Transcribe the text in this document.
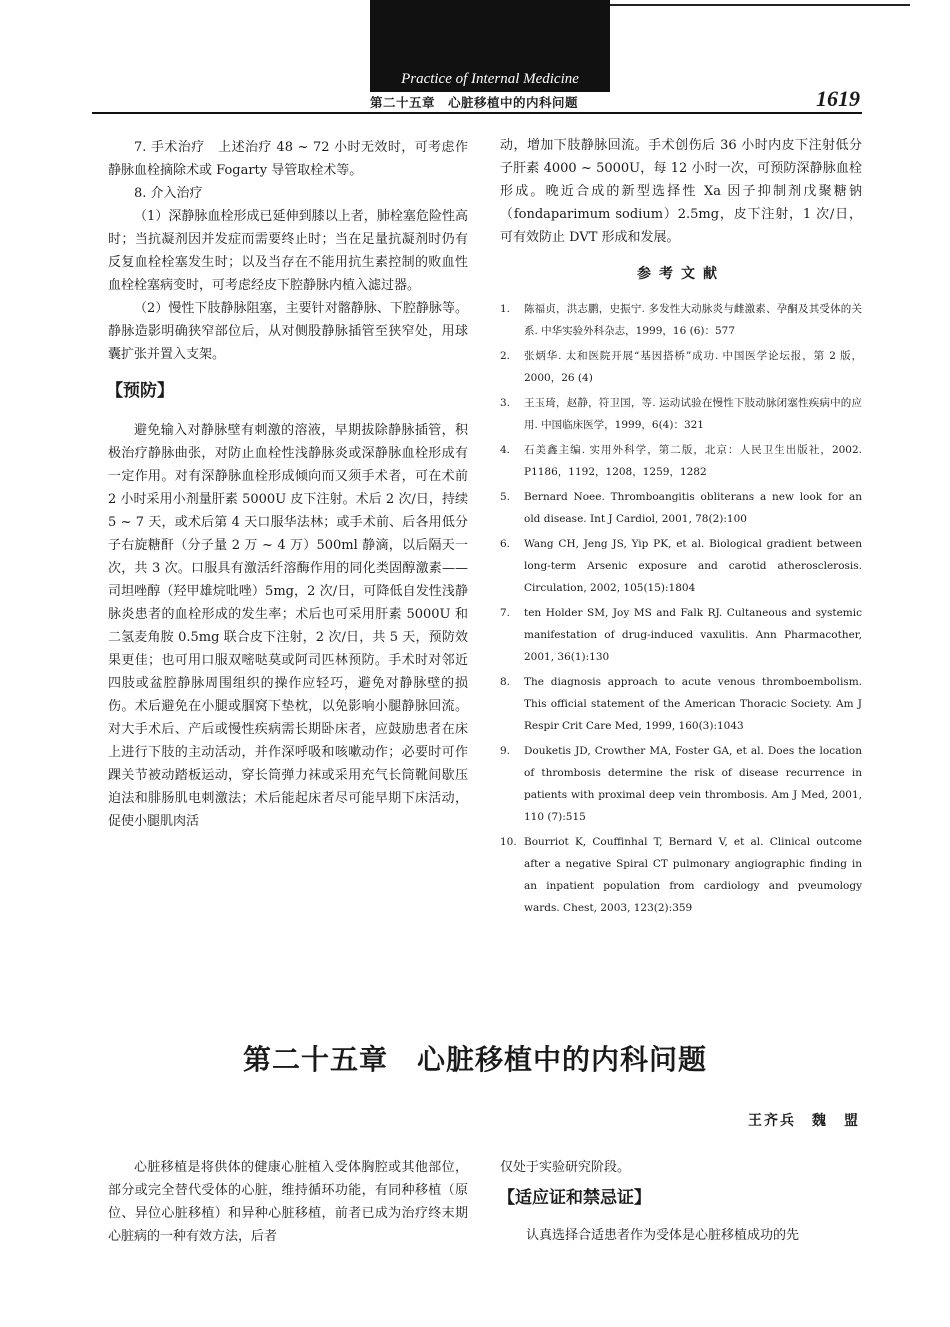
Practice of Internal Medicine
第二十五章　心脏移植中的内科问题	1619

7. 手术治疗　上述治疗 48 ~ 72 小时无效时，可考虑作静脉血栓摘除术或 Fogarty 导管取栓术等。

8. 介入治疗

（1）深静脉血栓形成已延伸到膝以上者，肺栓塞危险性高时；当抗凝剂因并发症而需要终止时；当在足量抗凝剂时仍有反复血栓栓塞发生时；以及当存在不能用抗生素控制的败血性血栓栓塞病变时，可考虑经皮下腔静脉内植入滤过器。

（2）慢性下肢静脉阻塞，主要针对髂静脉、下腔静脉等。静脉造影明确狭窄部位后，从对侧股静脉插管至狭窄处，用球囊扩张并置入支架。

【预防】

避免输入对静脉壁有刺激的溶液，早期拔除静脉插管，积极治疗静脉曲张，对防止血栓性浅静脉炎或深静脉血栓形成有一定作用。对有深静脉血栓形成倾向而又须手术者，可在术前 2 小时采用小剂量肝素 5000U 皮下注射。术后 2 次/日，持续 5 ~ 7 天，或术后第 4 天口服华法林；或手术前、后各用低分子右旋糖酐（分子量 2 万 ~ 4 万）500ml 静滴，以后隔天一次，共 3 次。口服具有激活纤溶酶作用的同化类固醇激素——司坦唑醇（羟甲雄烷吡唑）5mg，2 次/日，可降低自发性浅静脉炎患者的血栓形成的发生率；术后也可采用肝素 5000U 和二氢麦角胺 0.5mg 联合皮下注射，2 次/日，共 5 天，预防效果更佳；也可用口服双嘧哒莫或阿司匹林预防。手术时对邻近四肢或盆腔静脉周围组织的操作应轻巧，避免对静脉壁的损伤。术后避免在小腿或腘窝下垫枕，以免影响小腿静脉回流。对大手术后、产后或慢性疾病需长期卧床者，应鼓励患者在床上进行下肢的主动活动，并作深呼吸和咳嗽动作；必要时可作踝关节被动踏板运动，穿长筒弹力袜或采用充气长筒靴间歇压迫法和腓肠肌电刺激法；术后能起床者尽可能早期下床活动，促使小腿肌肉活

动，增加下肢静脉回流。手术创伤后 36 小时内皮下注射低分子肝素 4000 ~ 5000U，每 12 小时一次，可预防深静脉血栓形成。晚近合成的新型选择性 Xa 因子抑制剂戊聚糖钠（fondaparimum sodium）2.5mg，皮下注射，1 次/日，可有效防止 DVT 形成和发展。

参考文献
1. 陈福贞，洪志鹏，史振宁. 多发性大动脉炎与雌激素、孕酮及其受体的关系. 中华实验外科杂志，1999，16 (6)：577
2. 张炳华. 太和医院开展“基因搭桥”成功. 中国医学论坛报，第 2 版，2000，26 (4)
3. 王玉琦，赵静，符卫国，等. 运动试验在慢性下肢动脉闭塞性疾病中的应用. 中国临床医学，1999，6(4)：321
4. 石美鑫主编. 实用外科学，第二版，北京：人民卫生出版社，2002. P1186，1192，1208，1259，1282
5. Bernard Noee. Thromboangitis obliterans a new look for an old disease. Int J Cardiol, 2001, 78(2):100
6. Wang CH, Jeng JS, Yip PK, et al. Biological gradient between long-term Arsenic exposure and carotid atherosclerosis. Circulation, 2002, 105(15):1804
7. ten Holder SM, Joy MS and Falk RJ. Cultaneous and systemic manifestation of drug-induced vaxulitis. Ann Pharmacother, 2001, 36(1):130
8. The diagnosis approach to acute venous thromboembolism. This official statement of the American Thoracic Society. Am J Respir Crit Care Med, 1999, 160(3):1043
9. Douketis JD, Crowther MA, Foster GA, et al. Does the location of thrombosis determine the risk of disease recurrence in patients with proximal deep vein thrombosis. Am J Med, 2001, 110 (7):515
10. Bourriot K, Couffinhal T, Bernard V, et al. Clinical outcome after a negative Spiral CT pulmonary angiographic finding in an inpatient population from cardiology and pveumology wards. Chest, 2003, 123(2):359
第二十五章　心脏移植中的内科问题
王齐兵　魏　盟

心脏移植是将供体的健康心脏植入受体胸腔或其他部位，部分或完全替代受体的心脏，维持循环功能，有同种移植（原位、异位心脏移植）和异种心脏移植，前者已成为治疗终末期心脏病的一种有效方法，后者

仅处于实验研究阶段。

【适应证和禁忌证】

认真选择合适患者作为受体是心脏移植成功的先
